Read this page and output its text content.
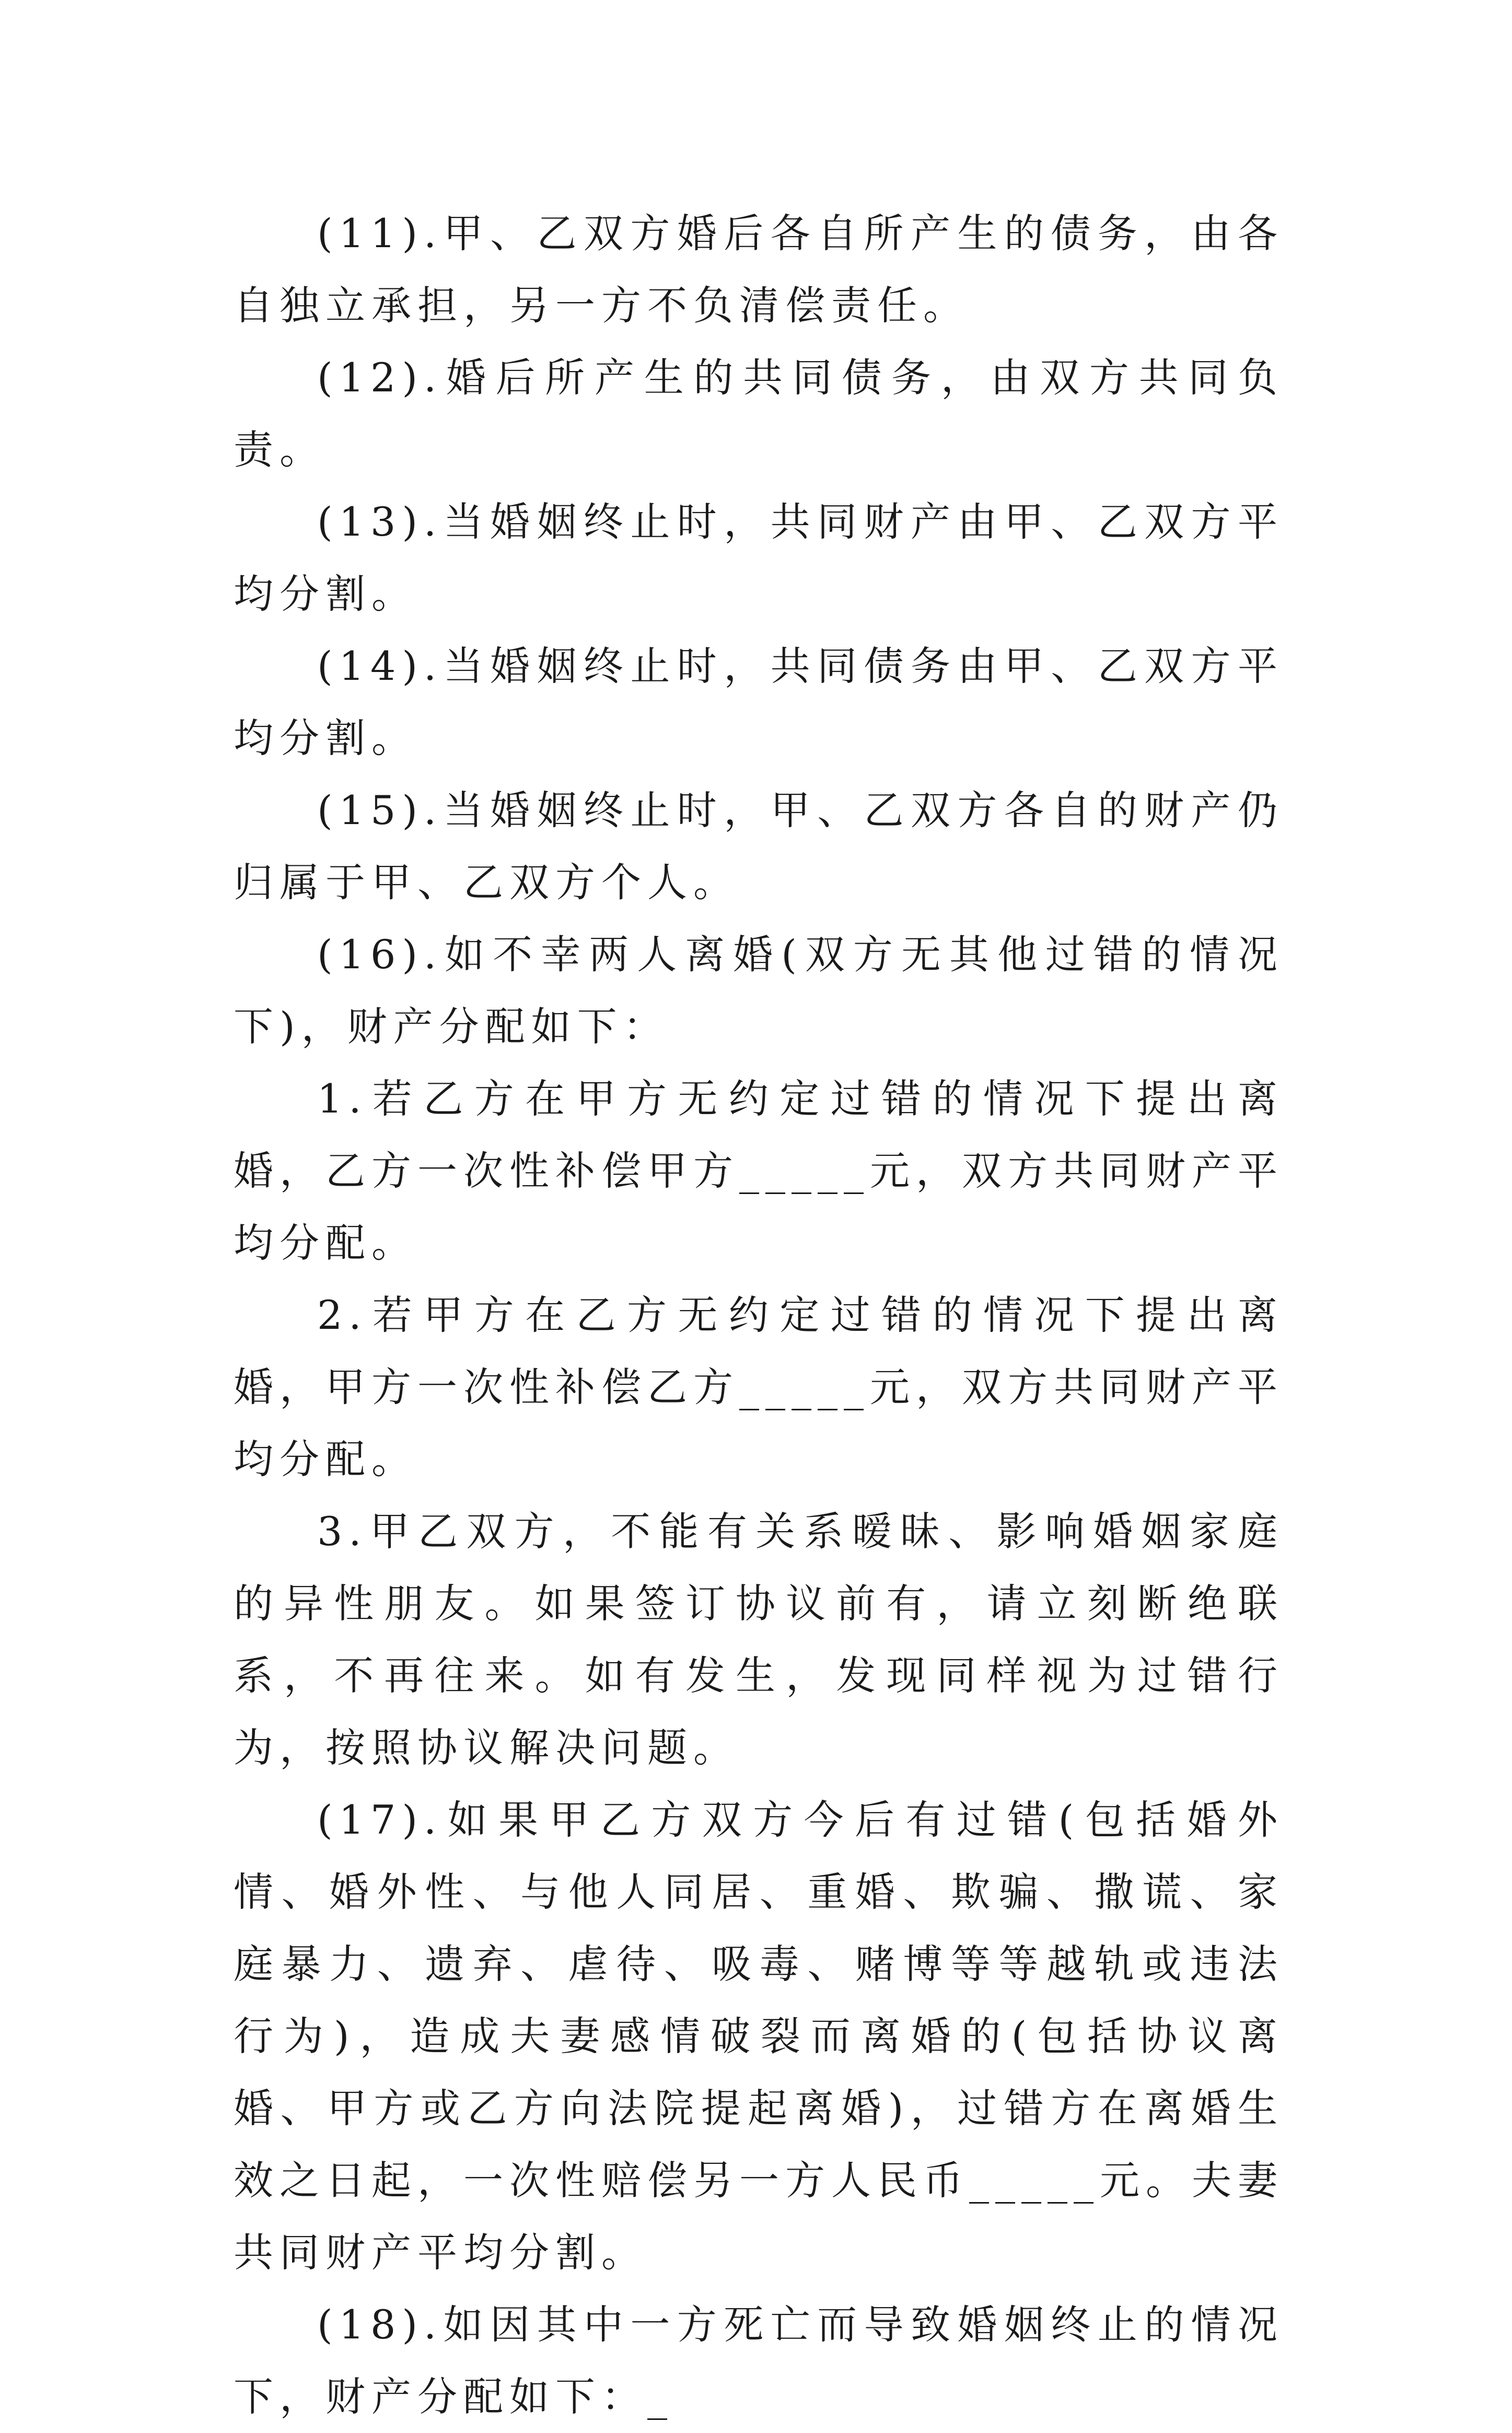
(11).甲、乙双方婚后各自所产生的债务，由各自独立承担，另一方不负清偿责任。

(12).婚后所产生的共同债务，由双方共同负责。

(13).当婚姻终止时，共同财产由甲、乙双方平均分割。

(14).当婚姻终止时，共同债务由甲、乙双方平均分割。

(15).当婚姻终止时，甲、乙双方各自的财产仍归属于甲、乙双方个人。

(16).如不幸两人离婚(双方无其他过错的情况下)，财产分配如下：

1.若乙方在甲方无约定过错的情况下提出离婚，乙方一次性补偿甲方_____元，双方共同财产平均分配。

2.若甲方在乙方无约定过错的情况下提出离婚，甲方一次性补偿乙方_____元，双方共同财产平均分配。

3.甲乙双方，不能有关系暧昧、影响婚姻家庭的异性朋友。如果签订协议前有，请立刻断绝联系，不再往来。如有发生，发现同样视为过错行为，按照协议解决问题。

(17).如果甲乙方双方今后有过错(包括婚外情、婚外性、与他人同居、重婚、欺骗、撒谎、家庭暴力、遗弃、虐待、吸毒、赌博等等越轨或违法行为)，造成夫妻感情破裂而离婚的(包括协议离婚、甲方或乙方向法院提起离婚)，过错方在离婚生效之日起，一次性赔偿另一方人民币_____元。夫妻共同财产平均分割。

(18).如因其中一方死亡而导致婚姻终止的情况下，财产分配如下：_
